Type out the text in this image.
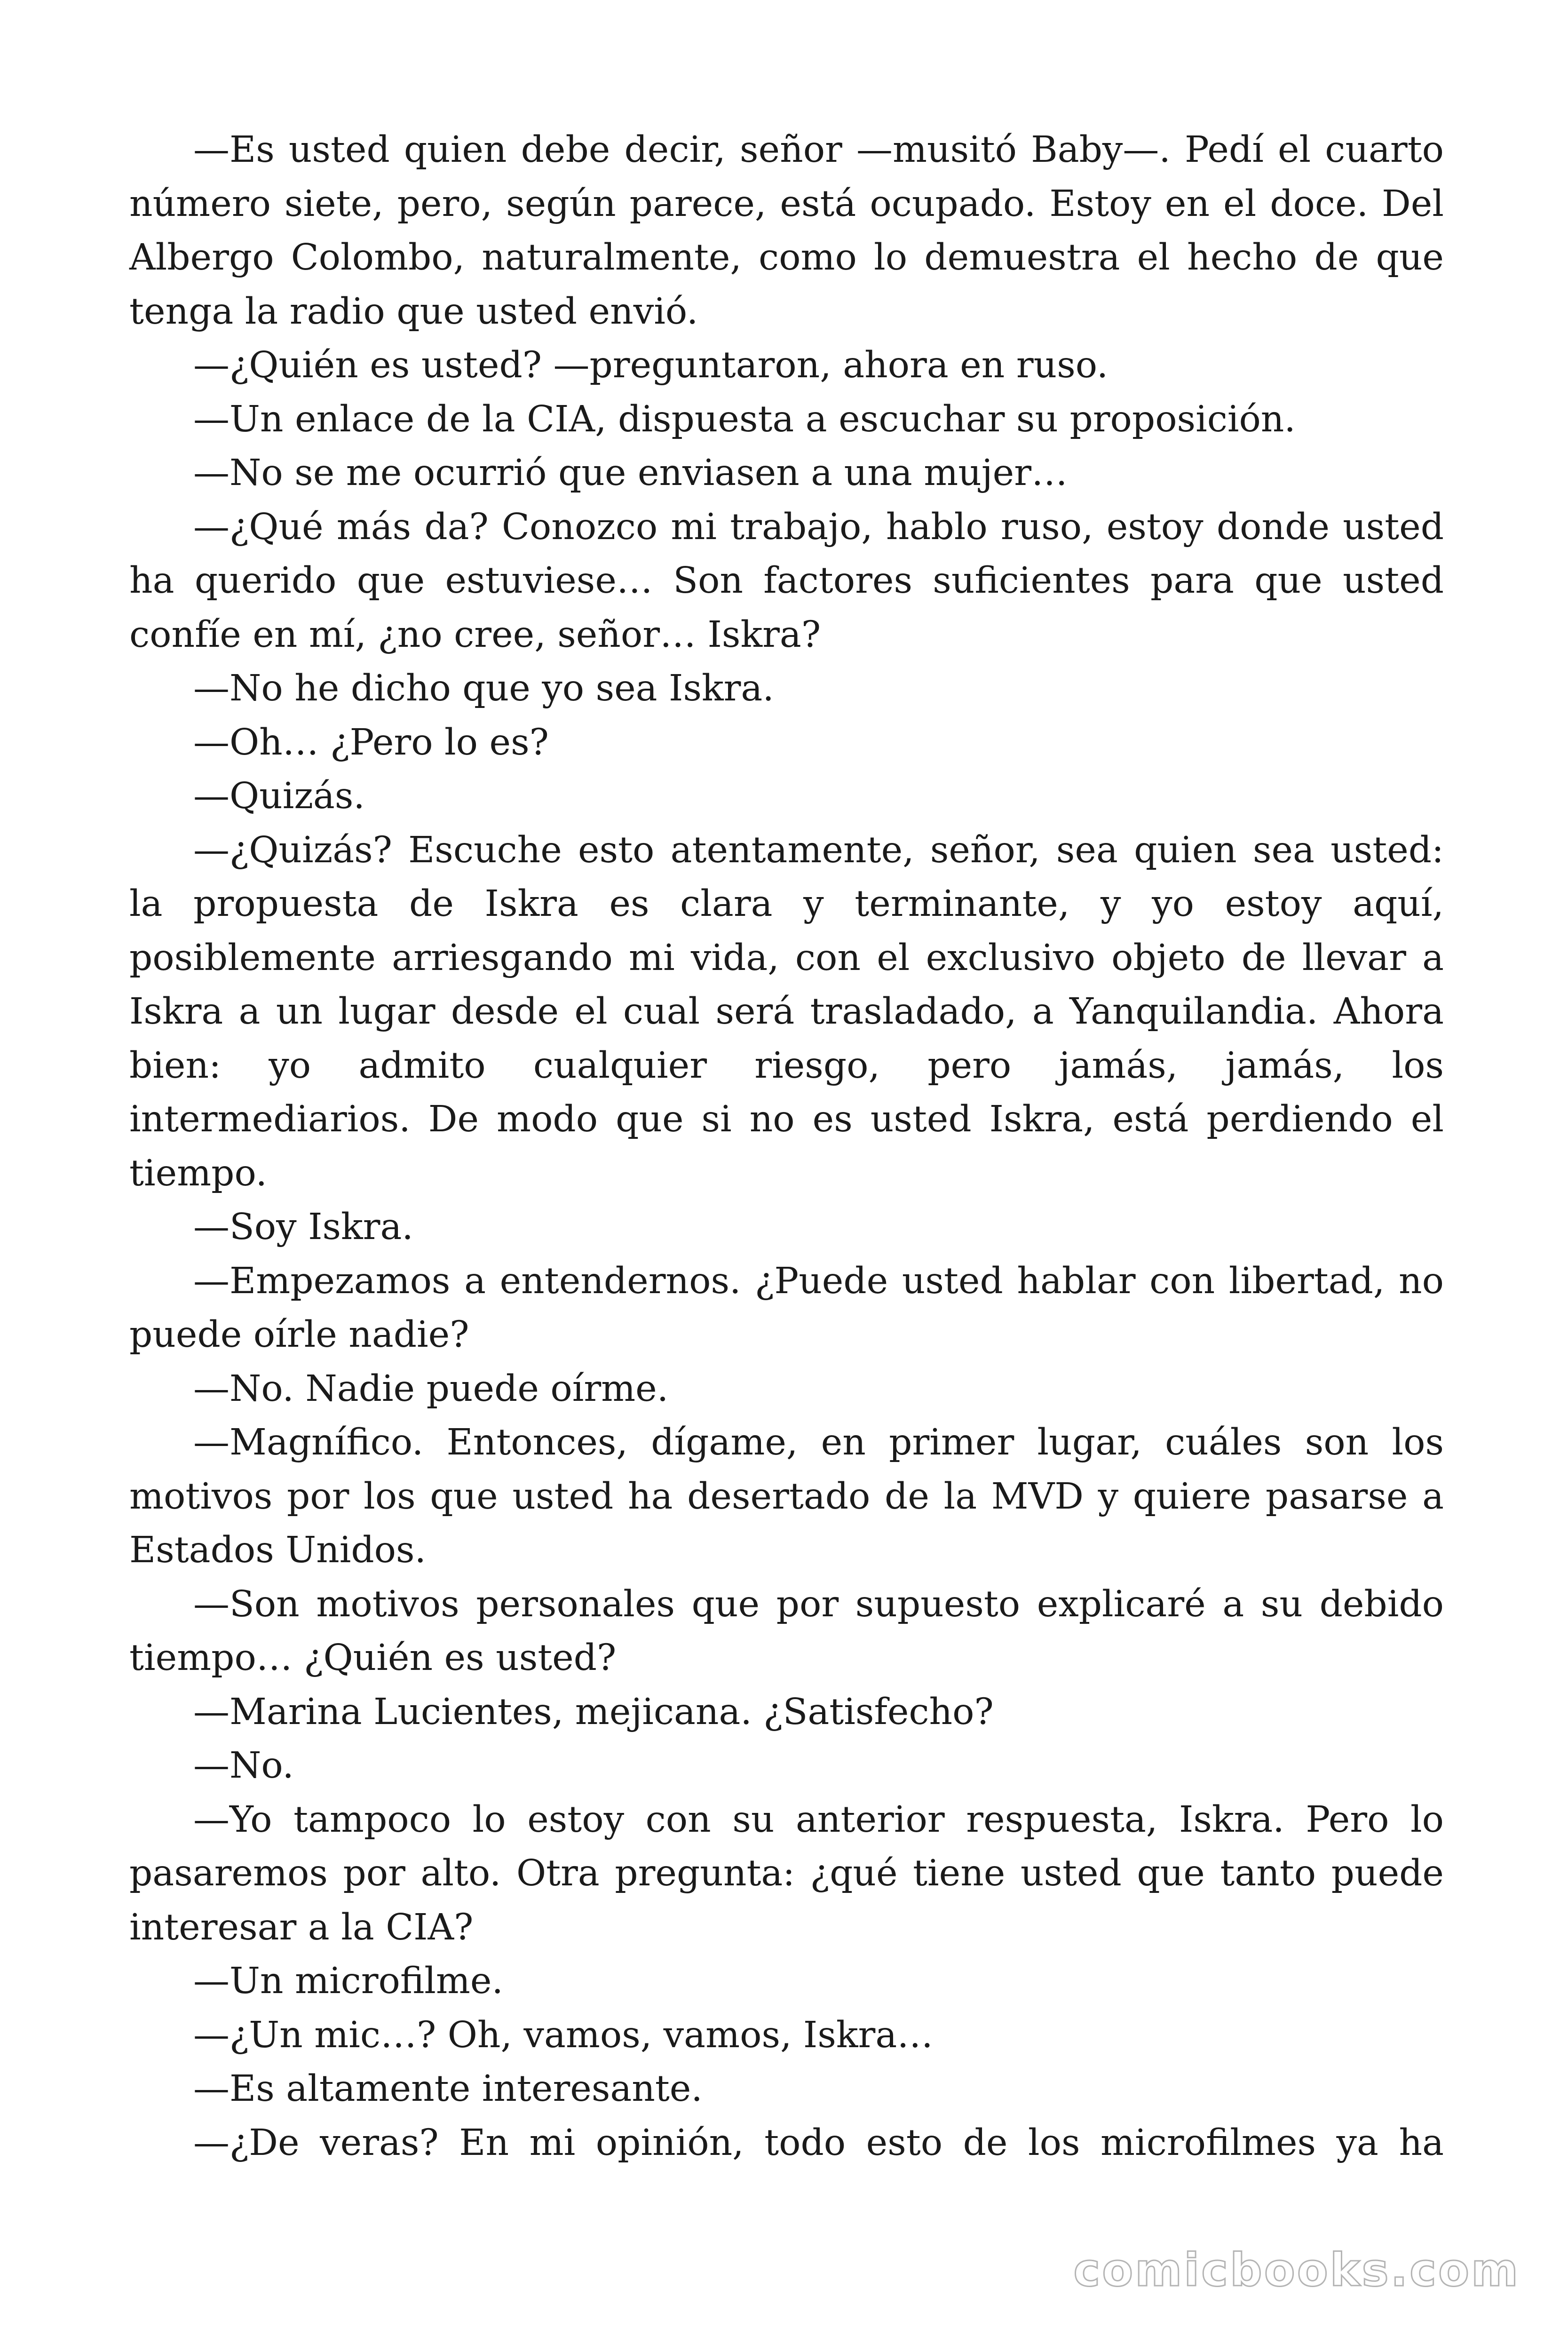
—Es usted quien debe decir, señor —musitó Baby—. Pedí el cuarto número siete, pero, según parece, está ocupado. Estoy en el doce. Del Albergo Colombo, naturalmente, como lo demuestra el hecho de que tenga la radio que usted envió.

—¿Quién es usted? —preguntaron, ahora en ruso.

—Un enlace de la CIA, dispuesta a escuchar su proposición.

—No se me ocurrió que enviasen a una mujer…

—¿Qué más da? Conozco mi trabajo, hablo ruso, estoy donde usted ha querido que estuviese… Son factores suficientes para que usted confíe en mí, ¿no cree, señor… Iskra?

—No he dicho que yo sea Iskra.

—Oh… ¿Pero lo es?

—Quizás.

—¿Quizás? Escuche esto atentamente, señor, sea quien sea usted: la propuesta de Iskra es clara y terminante, y yo estoy aquí, posiblemente arriesgando mi vida, con el exclusivo objeto de llevar a Iskra a un lugar desde el cual será trasladado, a Yanquilandia. Ahora bien: yo admito cualquier riesgo, pero jamás, jamás, los intermediarios. De modo que si no es usted Iskra, está perdiendo el tiempo.

—Soy Iskra.

—Empezamos a entendernos. ¿Puede usted hablar con libertad, no puede oírle nadie?

—No. Nadie puede oírme.

—Magnífico. Entonces, dígame, en primer lugar, cuáles son los motivos por los que usted ha desertado de la MVD y quiere pasarse a Estados Unidos.

—Son motivos personales que por supuesto explicaré a su debido tiempo… ¿Quién es usted?

—Marina Lucientes, mejicana. ¿Satisfecho?

—No.

—Yo tampoco lo estoy con su anterior respuesta, Iskra. Pero lo pasaremos por alto. Otra pregunta: ¿qué tiene usted que tanto puede interesar a la CIA?

—Un microfilme.

—¿Un mic…? Oh, vamos, vamos, Iskra…

—Es altamente interesante.

—¿De veras? En mi opinión, todo esto de los microfilmes ya ha

comicbooks.com
